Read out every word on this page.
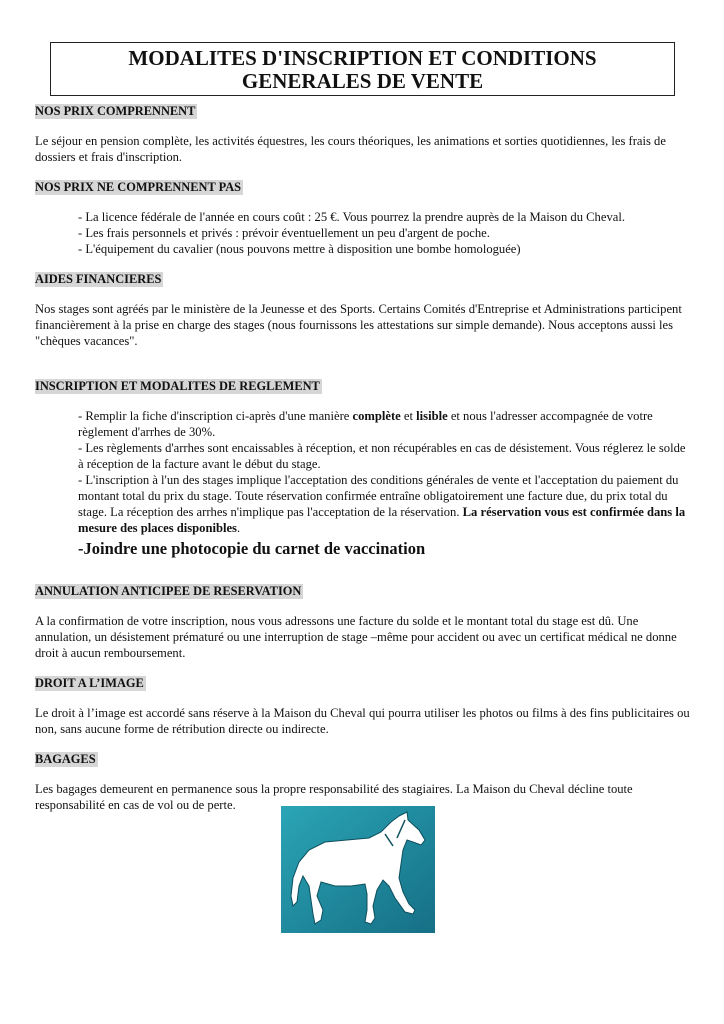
MODALITES D'INSCRIPTION ET CONDITIONS
GENERALES DE VENTE
NOS PRIX COMPRENNENT

Le séjour en pension complète, les activités équestres, les cours théoriques, les animations et sorties quotidiennes, les frais de dossiers et frais d'inscription.

NOS PRIX NE COMPRENNENT PAS

- La licence fédérale de l'année en cours coût : 25 €. Vous pourrez la prendre auprès de la Maison du Cheval.

- Les frais personnels et privés : prévoir éventuellement un peu d'argent de poche.

- L'équipement du cavalier (nous pouvons mettre à disposition une bombe homologuée)

AIDES FINANCIERES

Nos stages sont agréés par le ministère de la Jeunesse et des Sports. Certains Comités d'Entreprise et Administrations participent financièrement à la prise en charge des stages (nous fournissons les attestations sur simple demande). Nous acceptons aussi les "chèques vacances".

INSCRIPTION ET MODALITES DE REGLEMENT

- Remplir la fiche d'inscription ci-après d'une manière complète et lisible et nous l'adresser accompagnée de votre règlement d'arrhes de 30%.

- Les règlements d'arrhes sont encaissables à réception, et non récupérables en cas de désistement. Vous réglerez le solde à réception de la facture avant le début du stage.

- L'inscription à l'un des stages implique l'acceptation des conditions générales de vente et l'acceptation du paiement du montant total du prix du stage. Toute réservation confirmée entraîne obligatoirement une facture due, du prix total du stage. La réception des arrhes n'implique pas l'acceptation de la réservation. La réservation vous est confirmée dans la mesure des places disponibles.

-Joindre une photocopie du carnet de vaccination

ANNULATION ANTICIPEE DE RESERVATION

A la confirmation de votre inscription, nous vous adressons une facture du solde et le montant total du stage est dû. Une annulation, un désistement prématuré ou une interruption de stage –même pour accident ou avec un certificat médical ne donne droit à aucun remboursement.

DROIT A L’IMAGE

Le droit à l’image est accordé sans réserve à la Maison du Cheval qui pourra utiliser les photos ou films à des fins publicitaires ou non, sans aucune forme de rétribution directe ou indirecte.

BAGAGES

Les bagages demeurent en permanence sous la propre responsabilité des stagiaires. La Maison du Cheval décline toute responsabilité en cas de vol ou de perte.
